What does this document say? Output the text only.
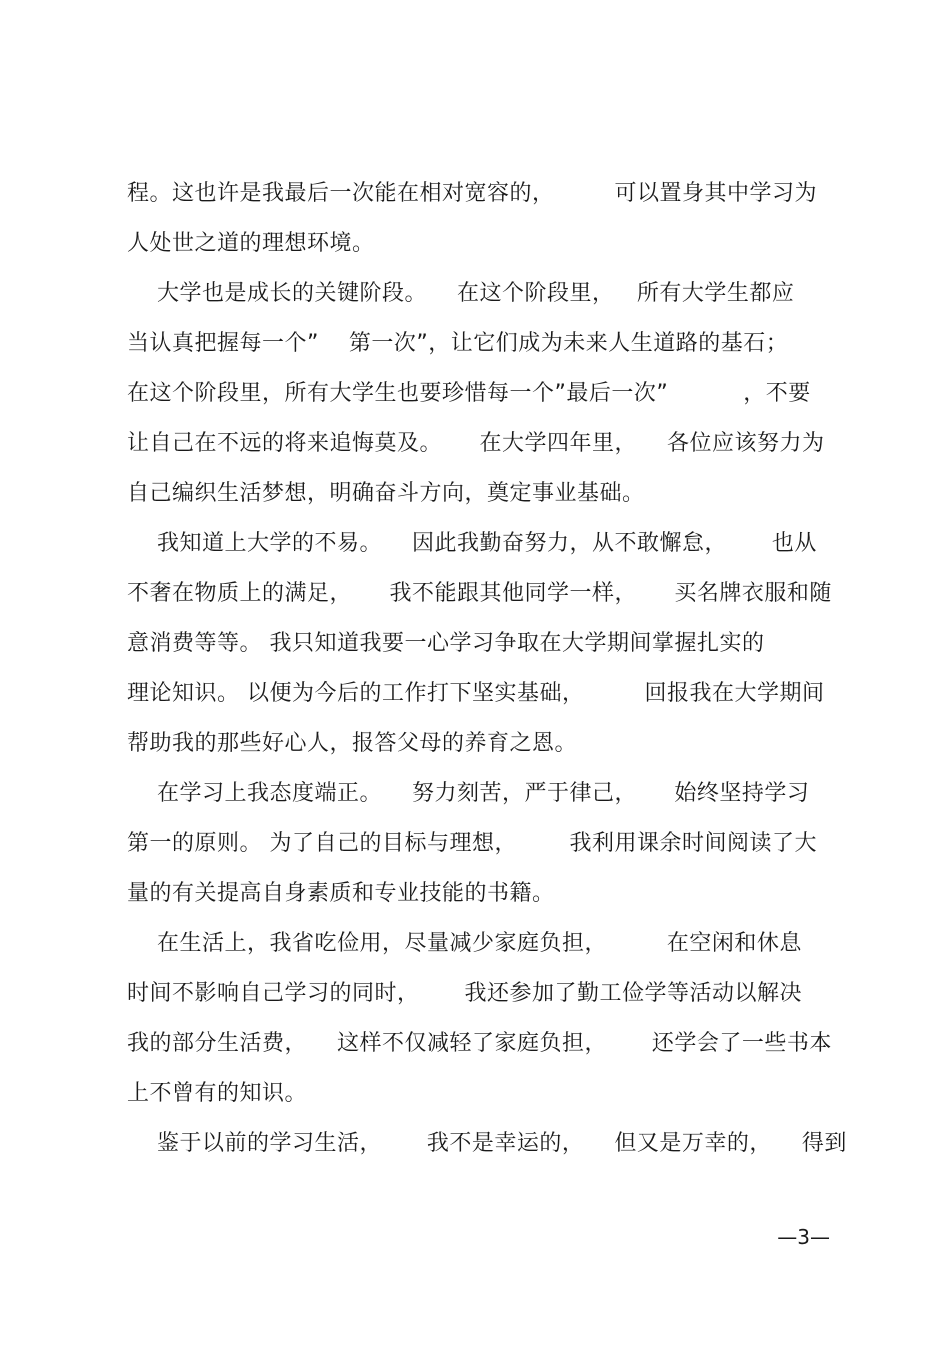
程。这也许是我最后一次能在相对宽容的，        可以置身其中学习为
人处世之道的理想环境。
大学也是成长的关键阶段。    在这个阶段里，   所有大学生都应
当认真把握每一个”    第一次”，让它们成为未来人生道路的基石；
在这个阶段里，所有大学生也要珍惜每一个”最后一次”          ，不要
让自己在不远的将来追悔莫及。     在大学四年里，    各位应该努力为
自己编织生活梦想，明确奋斗方向，奠定事业基础。
我知道上大学的不易。    因此我勤奋努力，从不敢懈怠，      也从
不奢在物质上的满足，     我不能跟其他同学一样，     买名牌衣服和随
意消费等等。 我只知道我要一心学习争取在大学期间掌握扎实的
理论知识。 以便为今后的工作打下坚实基础，        回报我在大学期间
帮助我的那些好心人，报答父母的养育之恩。
在学习上我态度端正。    努力刻苦，严于律己，     始终坚持学习
第一的原则。 为了自己的目标与理想，       我利用课余时间阅读了大
量的有关提高自身素质和专业技能的书籍。
在生活上，我省吃俭用，尽量减少家庭负担，        在空闲和休息
时间不影响自己学习的同时，      我还参加了勤工俭学等活动以解决
我的部分生活费，    这样不仅减轻了家庭负担，      还学会了一些书本
上不曾有的知识。
鉴于以前的学习生活，      我不是幸运的，    但又是万幸的，    得到
—3—
